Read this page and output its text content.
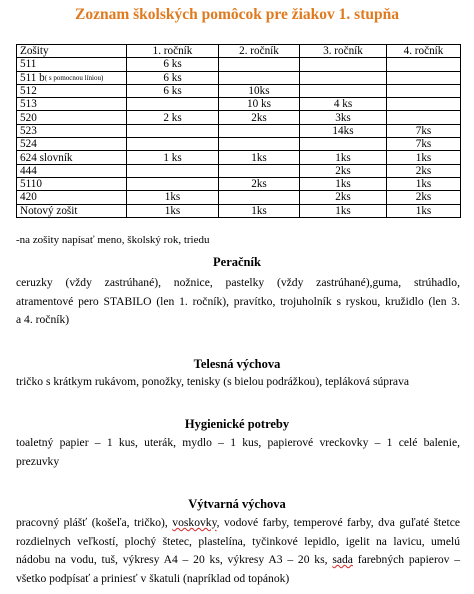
Zoznam školských pomôcok pre žiakov 1. stupňa
Zošity	1. ročník	2. ročník	3. ročník	4. ročník
511	6 ks			
511 b( s pomocnou líniou)	6 ks			
512	6 ks	10ks		
513		10 ks	4 ks	
520	2 ks	2ks	3ks	
523			14ks	7ks
524				7ks
624 slovník	1 ks	1ks	1ks	1ks
444			2ks	2ks
5110		2ks	1ks	1ks
420	1ks		2ks	2ks
Notový zošit	1ks	1ks	1ks	1ks
-na zošity napísať meno, školský rok, triedu
Peračník
ceruzky (vždy zastrúhané), nožnice, pastelky (vždy zastrúhané),guma, strúhadlo,
atramentové pero STABILO (len 1. ročník), pravítko, trojuholník s ryskou, kružidlo (len 3.
a 4. ročník)
Telesná výchova
tričko s krátkym rukávom, ponožky, tenisky (s bielou podrážkou), tepláková súprava
Hygienické potreby
toaletný papier – 1 kus, uterák, mydlo – 1 kus, papierové vreckovky – 1 celé balenie,
prezuvky
Výtvarná výchova
pracovný plášť (košeľa, tričko), voskovky, vodové farby, temperové farby, dva guľaté štetce
rozdielnych veľkostí, plochý štetec, plastelína, tyčinkové lepidlo, igelit na lavicu, umelú
nádobu na vodu, tuš, výkresy A4 – 20 ks, výkresy A3 – 20 ks, sada farebných papierov –
všetko podpísať a priniesť v škatuli (napríklad od topánok)
